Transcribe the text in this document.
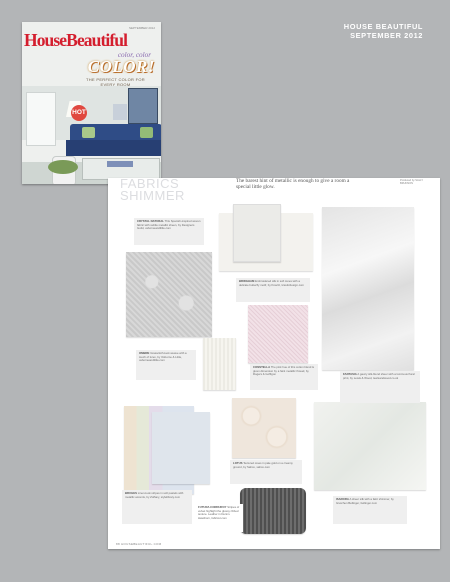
HOUSE BEAUTIFUL
SEPTEMBER 2012
SEPTEMBER 2012
HouseBeautiful
color, color
COLOR!
THE PERFECT COLOR FOR EVERY ROOM
HOT
FABRICS
SHIMMER
The barest hint of metallic is enough to give a room a special little glow.
Produced by SALLY BRUNSON
CRYSTAL NATURAL This Spanish-inspired woven fabric with subtle metallic sheen, by Designers Guild, osborneandlittle.com
BRIDGHAM Embroidered silk in soft tones with a delicate butterfly motif, by Kravitz, kravitzdesign.com
CONSTELLA The pink hue of this cotton blend is given dimension by a faint metallic thread, by Rogers & Goffigon
OMBRE Grasscloth-look weave with a touch of lurex, by Osborne & Little, osborneandlittle.com
FANTASIA A gauzy silk-blend sheer with a luminous floral print, by Lewis & Wood, lewisandwood.co.uk
LOTUS Textured roses in pale gold on a creamy ground, by Sahco, sahco.com
BRUGES Linen-look stripes in soft pastels with metallic accents, by Zoffany, stylelibrary.com
FUTURA CORDUROY Stripes of velvet highlight the glossy ribbed texture. Leather in Denim. Hawthorn, fabricut.com
ISADORA A sheer silk with a faint shimmer, by Gretchen Bellinger, bellinger.com
88 HOUSEBEAUTIFUL.COM
